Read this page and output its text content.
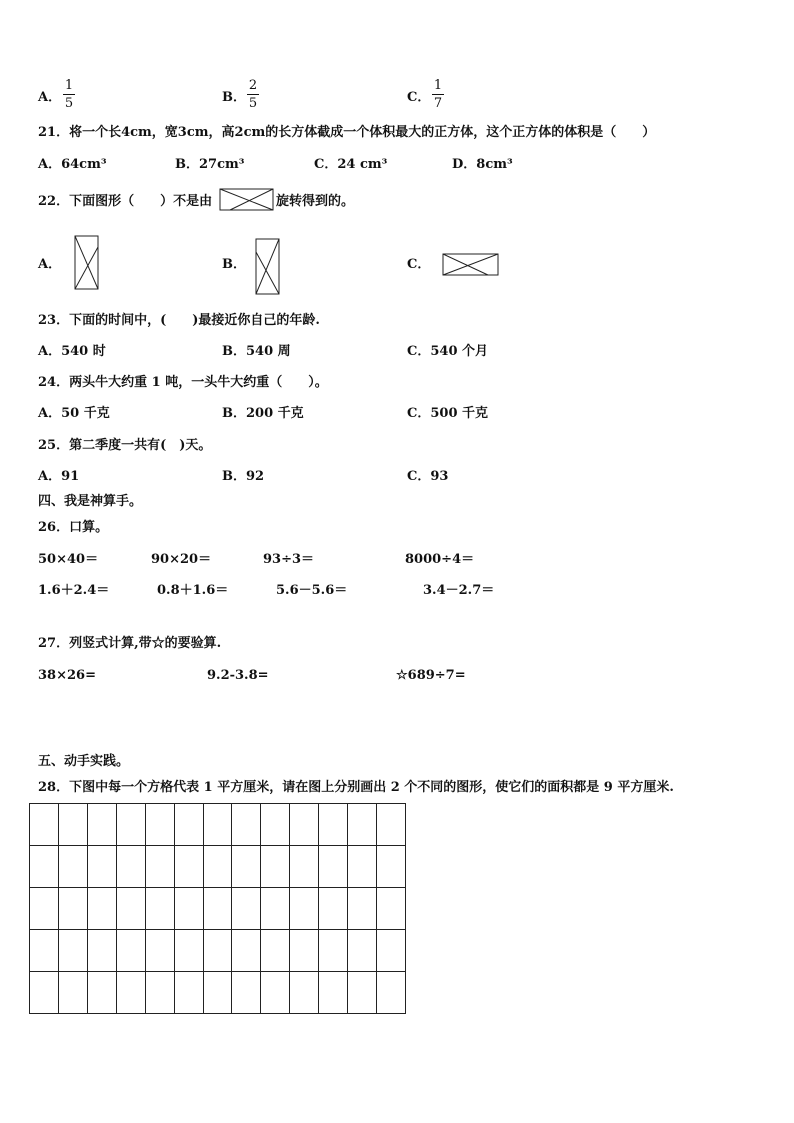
A．
1
5	B．
2
5	C．
1
7
21．将一个长4cm，宽3cm，高2cm的长方体截成一个体积最大的正方体，这个正方体的体积是（　　）
A．64cm³	B．27cm³	C．24 cm³	D．8cm³
22．下面图形（　　）不是由	旋转得到的。
A．	B．	C．
23．下面的时间中，(　　)最接近你自己的年龄.
A．540 时	B．540 周	C．540 个月
24．两头牛大约重 1 吨，一头牛大约重（　　）。
A．50 千克	B．200 千克	C．500 千克
25．第二季度一共有(　)天。
A．91	B．92	C．93
四、我是神算手。
26．口算。
50×40＝	90×20＝	93÷3＝	8000÷4＝
1.6＋2.4＝	0.8＋1.6＝	5.6－5.6＝	3.4－2.7＝
27．列竖式计算,带☆的要验算.
38×26=	9.2-3.8=	☆689÷7=
五、动手实践。
28．下图中每一个方格代表 1 平方厘米，请在图上分别画出 2 个不同的图形，使它们的面积都是 9 平方厘米.
